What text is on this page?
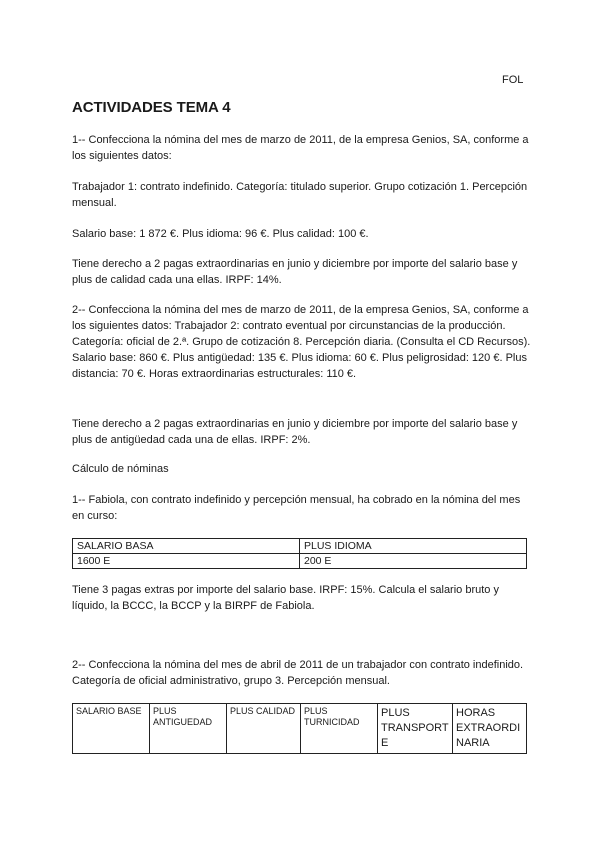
FOL
ACTIVIDADES TEMA 4

1‐‐ Confecciona la nómina del mes de marzo de 2011, de la empresa Genios, SA, conforme a los siguientes datos:

Trabajador 1: contrato indefinido. Categoría: titulado superior. Grupo cotización 1. Percepción mensual.

Salario base: 1 872 €. Plus idioma: 96 €. Plus calidad: 100 €.

Tiene derecho a 2 pagas extraordinarias en junio y diciembre por importe del salario base y plus de calidad cada una ellas. IRPF: 14%.

2‐‐ Confecciona la nómina del mes de marzo de 2011, de la empresa Genios, SA, conforme a los siguientes datos: Trabajador 2: contrato eventual por circunstancias de la producción. Categoría: oficial de 2.ª. Grupo de cotización 8. Percepción diaria. (Consulta el CD Recursos). Salario base: 860 €. Plus antigüedad: 135 €. Plus idioma: 60 €. Plus peligrosidad: 120 €. Plus distancia: 70 €. Horas extraordinarias estructurales: 110 €.

Tiene derecho a 2 pagas extraordinarias en junio y diciembre por importe del salario base y plus de antigüedad cada una de ellas. IRPF: 2%.

Cálculo de nóminas

1‐‐ Fabiola, con contrato indefinido y percepción mensual, ha cobrado en la nómina del mes en curso:

SALARIO BASA	PLUS IDIOMA
1600 E	200 E

Tiene 3 pagas extras por importe del salario base. IRPF: 15%. Calcula el salario bruto y líquido, la BCCC, la BCCP y la BIRPF de Fabiola.

2‐‐ Confecciona la nómina del mes de abril de 2011 de un trabajador con contrato indefinido. Categoría de oficial administrativo, grupo 3. Percepción mensual.

SALARIO BASE	PLUS ANTIGUEDAD	PLUS CALIDAD	PLUS TURNICIDAD	PLUS TRANSPORT E	HORAS EXTRAORDI NARIA
